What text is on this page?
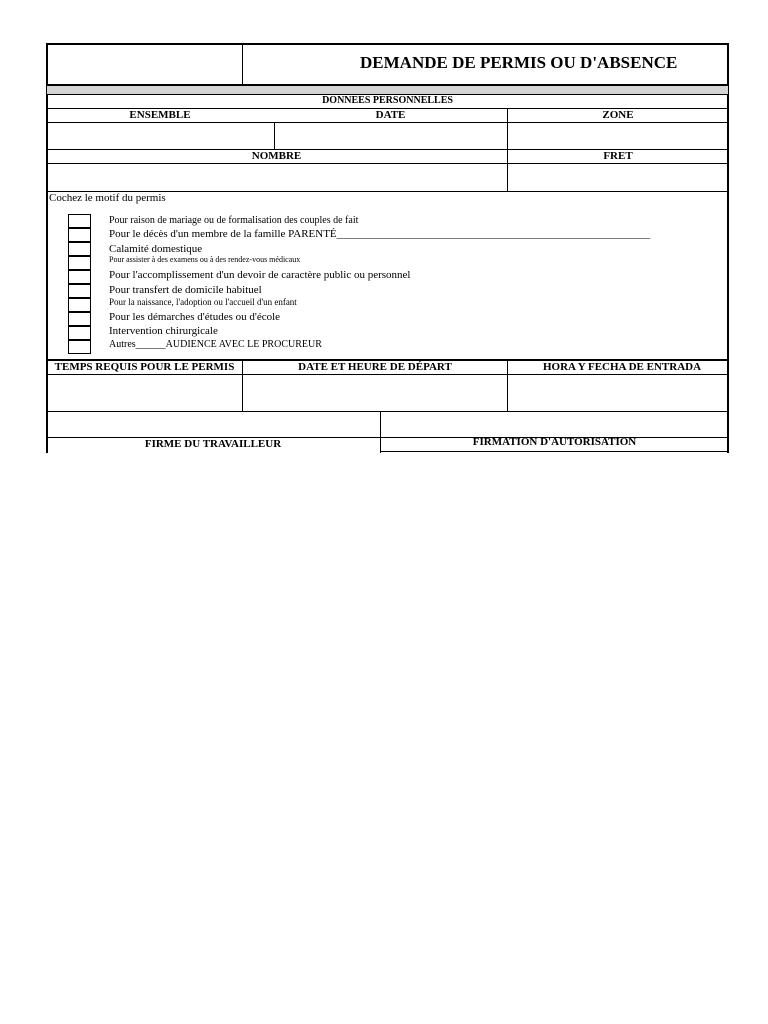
DEMANDE DE PERMIS OU D'ABSENCE
DONNEES PERSONNELLES
ENSEMBLE	DATE	ZONE
NOMBRE	FRET
Cochez le motif du permis
Pour raison de mariage ou de formalisation des couples de fait
Pour le décès d'un membre de la famille PARENTÉ_________________________________________________________
Calamité domestique
Pour assister à des examens ou à des rendez-vous médicaux
Pour l'accomplissement d'un devoir de caractère public ou personnel
Pour transfert de domicile habituel
Pour la naissance, l'adoption ou l'accueil d'un enfant
Pour les démarches d'études ou d'école
Intervention chirurgicale
Autres______AUDIENCE AVEC LE PROCUREUR
TEMPS REQUIS POUR LE PERMIS	DATE ET HEURE DE DÉPART	HORA Y FECHA DE ENTRADA
FIRME DU TRAVAILLEUR	FIRMATION D'AUTORISATION
